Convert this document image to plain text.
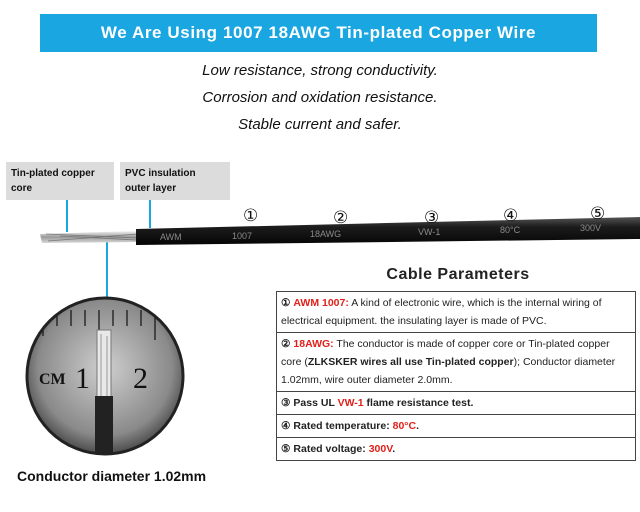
We Are Using 1007 18AWG Tin-plated Copper Wire
Low resistance, strong conductivity.
Corrosion and oxidation resistance.
Stable current and safer.
Tin-plated copper
core
PVC insulation
outer layer
AWM	1007	18AWG	VW-1	80°C	300V
①	②	③	④	⑤
CM 1 2
Conductor diameter 1.02mm
Cable Parameters
① AWM 1007: A kind of electronic wire, which is the internal wiring of electrical equipment. the insulating layer is made of PVC.
② 18AWG: The conductor is made of copper core or Tin-plated copper core (ZLKSKER wires all use Tin-plated copper); Conductor diameter 1.02mm, wire outer diameter 2.0mm.
③ Pass UL VW-1 flame resistance test.
④ Rated temperature: 80°C.
⑤ Rated voltage: 300V.
